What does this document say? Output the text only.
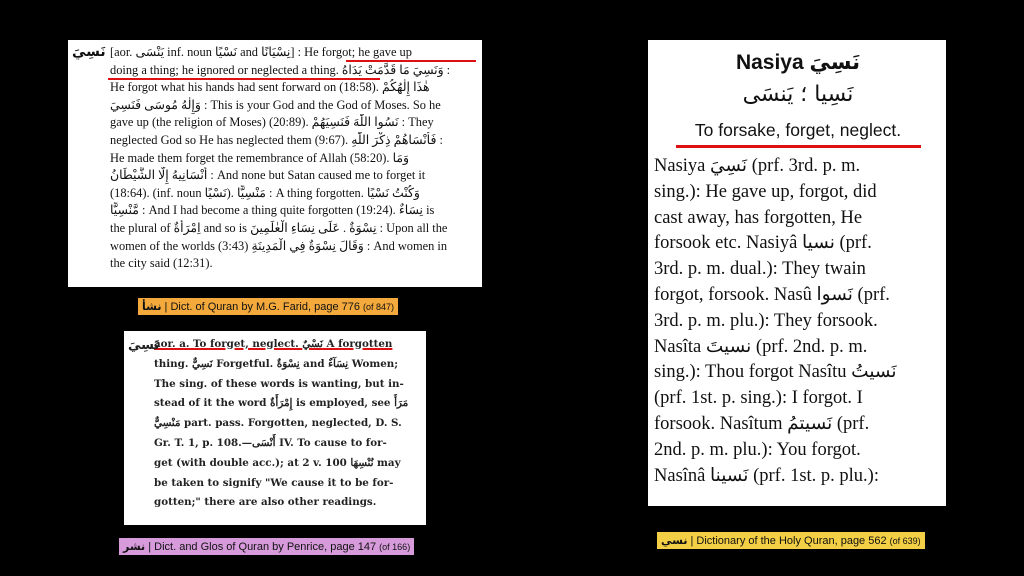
نَسِيَ [aor. يَنْسَى inf. noun نَسْيًا and نِسْيَانًا] : He forgot; he gave up
doing a thing; he ignored or neglected a thing. وَنَسِيَ مَا قَدَّمَتْ يَدَاهُ :
He forgot what his hands had sent forward on (18:58). هٰذَا إِلٰهُكُمْ
وَإِلٰهُ مُوسَى فَنَسِيَ : This is your God and the God of Moses. So he
gave up (the religion of Moses) (20:89). نَسُوا اللّٰهَ فَنَسِيَهُمْ : They
neglected God so He has neglected them (9:67). فَأَنْسَاهُمْ ذِكْرَ اللّٰهِ :
He made them forget the remembrance of Allah (58:20). وَمَا
أَنْسَانِيهُ إِلَّا الشَّيْطَانُ : And none but Satan caused me to forget it
(18:64). (inf. noun نَسْيًا). مَنْسِيًّا : A thing forgotten. وَكُنْتُ نَسْيًا
مَّنْسِيًّا : And I had become a thing quite forgotten (19:24). نِسَاءٌ is
the plural of اِمْرَأَةٌ and so is نِسْوَةٌ . عَلَى نِسَاءِ الْعٰلَمِينَ : Upon all the
women of the worlds (3:43) وَقَالَ نِسْوَةٌ فِي الْمَدِينَةِ : And women in
the city said (12:31).
نشأ | Dict. of Quran by M.G. Farid, page 776 (of 847)
نَسِيَ
aor. a. To forget, neglect. نَسْيٌ A forgotten
thing. نَسِيٌّ Forgetful. نِسْوَةٌ and نِسَآءٌ Women;
The sing. of these words is wanting, but in-
stead of it the word إِمْرَأَةٌ is employed, see مَرَأَ
مَنْسِيٌّ part. pass. Forgotten, neglected, D. S.
Gr. T. 1, p. 108.—أَنْسَى IV. To cause to for-
get (with double acc.); at 2 v. 100 نُنْسِهَا may
be taken to signify "We cause it to be for-
gotten;" there are also other readings.
نشر | Dict. and Glos of Quran by Penrice, page 147 (of 166)
Nasiya نَسِيَ
نَسِيا ؛ يَنسَى
To forsake, forget, neglect.
Nasiya نَسِيَ (prf. 3rd. p. m.
sing.): He gave up, forgot, did
cast away, has forgotten, He
forsook etc. Nasiyâ نسيا (prf.
3rd. p. m. dual.): They twain
forgot, forsook. Nasû نَسوا (prf.
3rd. p. m. plu.): They forsook.
Nasîta نسيتَ (prf. 2nd. p. m.
sing.): Thou forgot Nasîtu نَسيتُ
(prf. 1st. p. sing.): I forgot. I
forsook. Nasîtum نَسيتمُ (prf.
2nd. p. m. plu.): You forgot.
Nasînâ نَسينا (prf. 1st. p. plu.):
نسي | Dictionary of the Holy Quran, page 562 (of 639)
